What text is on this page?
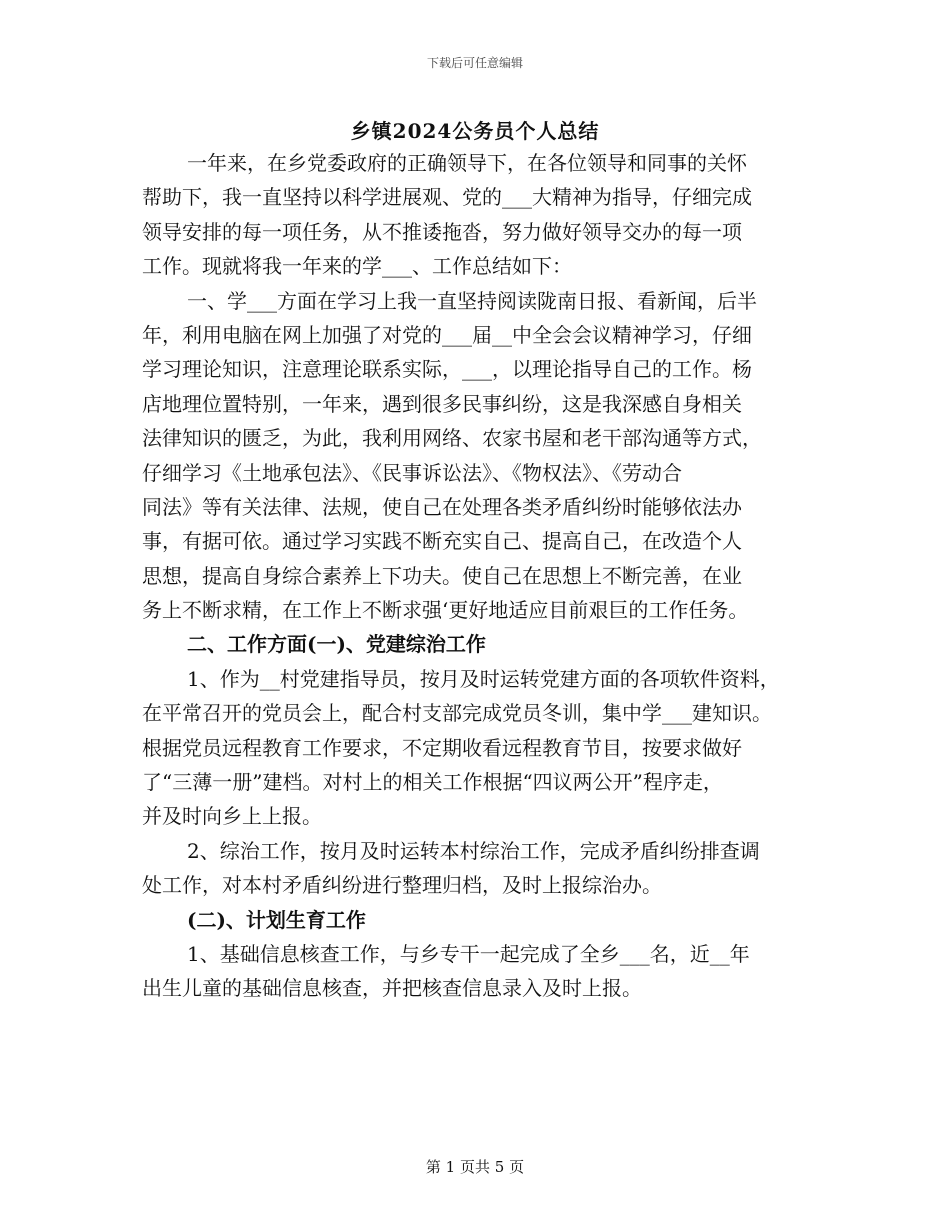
下载后可任意编辑
乡镇2024公务员个人总结
一年来，在乡党委政府的正确领导下，在各位领导和同事的关怀
帮助下，我一直坚持以科学进展观、党的___大精神为指导，仔细完成
领导安排的每一项任务，从不推诿拖沓，努力做好领导交办的每一项
工作。现就将我一年来的学___、工作总结如下：
一、学___方面在学习上我一直坚持阅读陇南日报、看新闻，后半
年，利用电脑在网上加强了对党的___届__中全会会议精神学习，仔细
学习理论知识，注意理论联系实际，___，以理论指导自己的工作。杨
店地理位置特别，一年来，遇到很多民事纠纷，这是我深感自身相关
法律知识的匮乏，为此，我利用网络、农家书屋和老干部沟通等方式，
仔细学习《土地承包法》、《民事诉讼法》、《物权法》、《劳动合
同法》等有关法律、法规，使自己在处理各类矛盾纠纷时能够依法办
事，有据可依。通过学习实践不断充实自己、提高自己，在改造个人
思想，提高自身综合素养上下功夫。使自己在思想上不断完善，在业
务上不断求精，在工作上不断求强‘更好地适应目前艰巨的工作任务。
二、工作方面(一)、党建综治工作
1、作为__村党建指导员，按月及时运转党建方面的各项软件资料，
在平常召开的党员会上，配合村支部完成党员冬训，集中学___建知识。
根据党员远程教育工作要求，不定期收看远程教育节目，按要求做好
了“三薄一册”建档。对村上的相关工作根据“四议两公开”程序走，
并及时向乡上上报。
2、综治工作，按月及时运转本村综治工作，完成矛盾纠纷排查调
处工作，对本村矛盾纠纷进行整理归档，及时上报综治办。
(二)、计划生育工作
1、基础信息核查工作，与乡专干一起完成了全乡___名，近__年
出生儿童的基础信息核查，并把核查信息录入及时上报。
第 1 页共 5 页
